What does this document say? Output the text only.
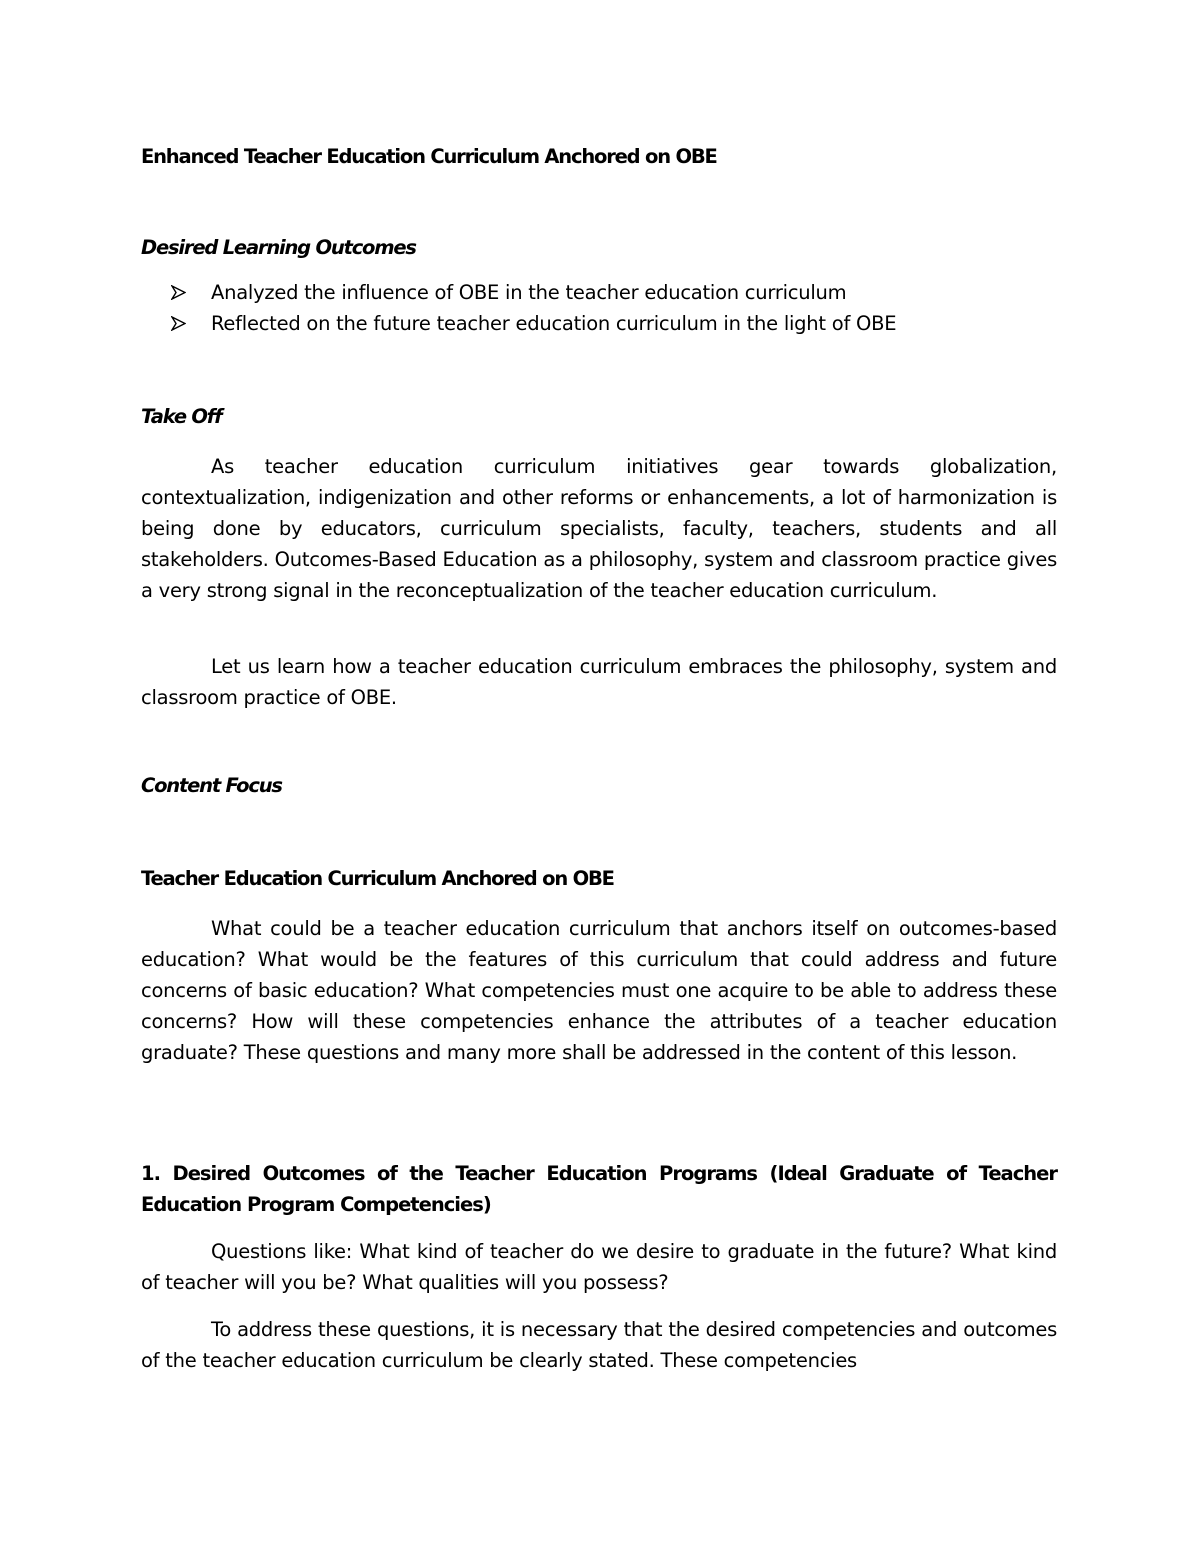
Enhanced Teacher Education Curriculum Anchored on OBE
Desired Learning Outcomes
Analyzed the influence of OBE in the teacher education curriculum
Reflected on the future teacher education curriculum in the light of OBE
Take Off

As teacher education curriculum initiatives gear towards globalization, contextualization, indigenization and other reforms or enhancements, a lot of harmonization is being done by educators, curriculum specialists, faculty, teachers, students and all stakeholders. Outcomes-Based Education as a philosophy, system and classroom practice gives a very strong signal in the reconceptualization of the teacher education curriculum.

Let us learn how a teacher education curriculum embraces the philosophy, system and classroom practice of OBE.

Content Focus
Teacher Education Curriculum Anchored on OBE

What could be a teacher education curriculum that anchors itself on outcomes-based education? What would be the features of this curriculum that could address and future concerns of basic education? What competencies must one acquire to be able to address these concerns? How will these competencies enhance the attributes of a teacher education graduate? These questions and many more shall be addressed in the content of this lesson.

1. Desired Outcomes of the Teacher Education Programs (Ideal Graduate of Teacher Education Program Competencies)

Questions like: What kind of teacher do we desire to graduate in the future? What kind of teacher will you be? What qualities will you possess?

To address these questions, it is necessary that the desired competencies and outcomes of the teacher education curriculum be clearly stated. These competencies
